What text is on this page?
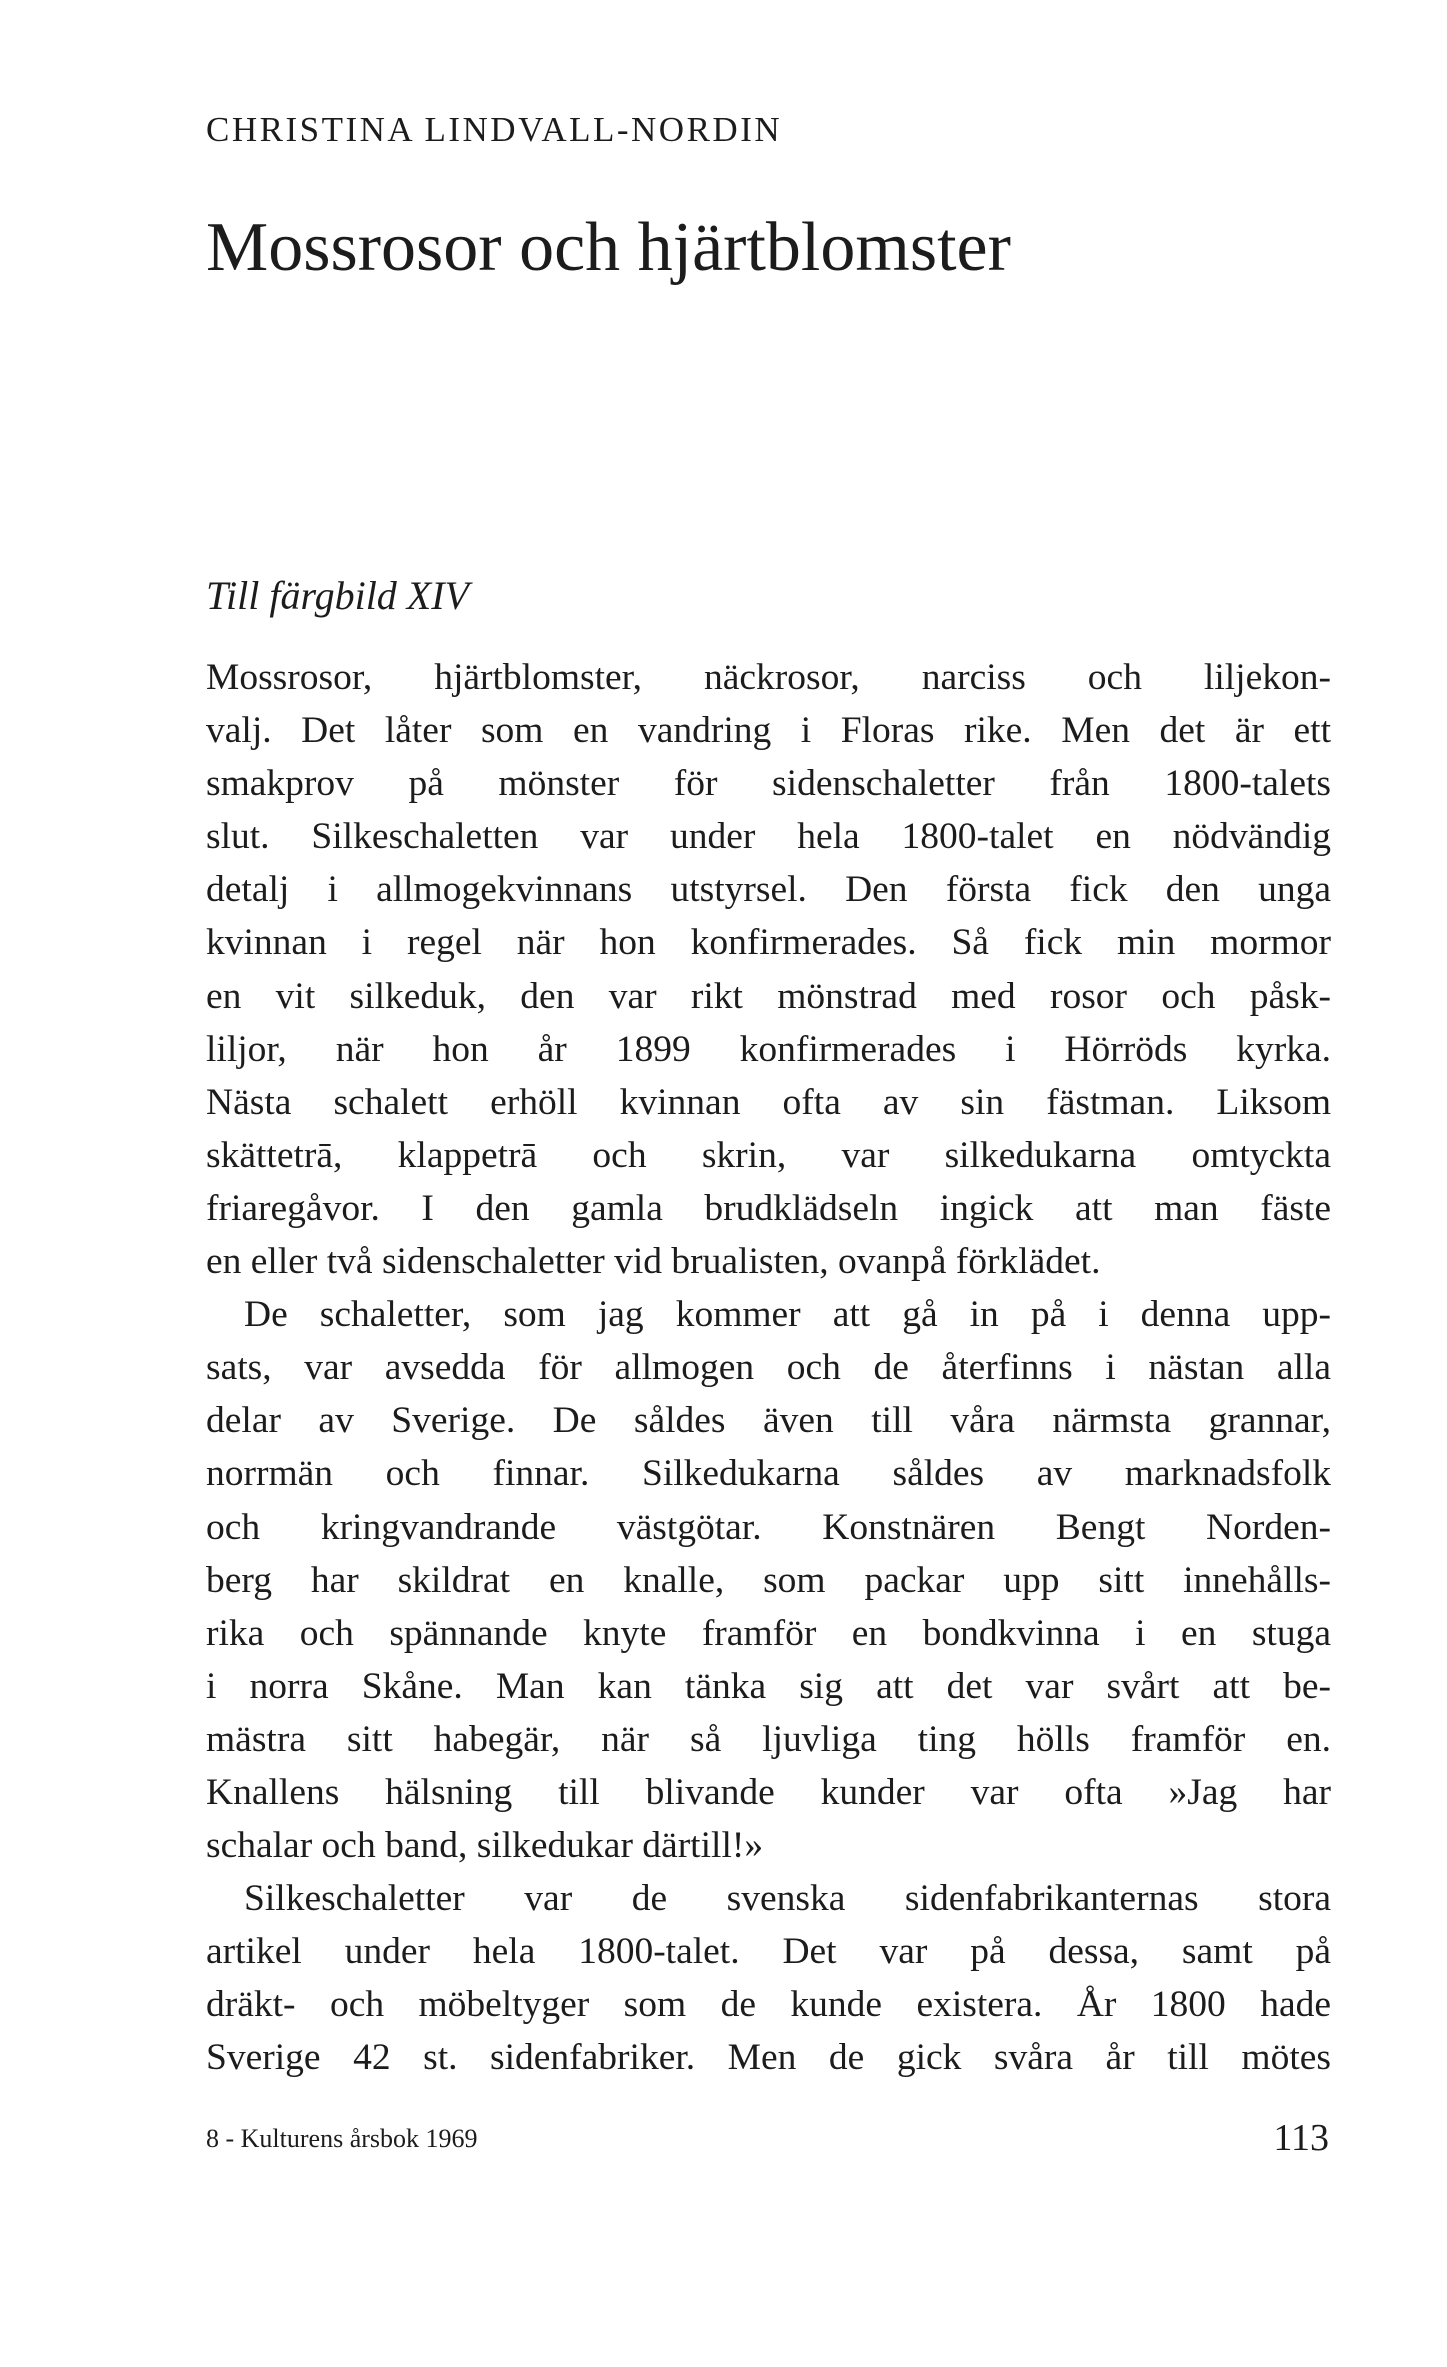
CHRISTINA LINDVALL-NORDIN
Mossrosor och hjärtblomster

Till färgbild XIV

Mossrosor, hjärtblomster, näckrosor, narciss och liljekon-
valj. Det låter som en vandring i Floras rike. Men det är ett
smakprov på mönster för sidenschaletter från 1800-talets
slut. Silkeschaletten var under hela 1800-talet en nödvändig
detalj i allmogekvinnans utstyrsel. Den första fick den unga
kvinnan i regel när hon konfirmerades. Så fick min mormor
en vit silkeduk, den var rikt mönstrad med rosor och påsk-
liljor, när hon år 1899 konfirmerades i Hörröds kyrka.
Nästa schalett erhöll kvinnan ofta av sin fästman. Liksom
skättetrā, klappetrā och skrin, var silkedukarna omtyckta
friaregåvor. I den gamla brudklädseln ingick att man fäste
en eller två sidenschaletter vid brualisten, ovanpå förklädet.
De schaletter, som jag kommer att gå in på i denna upp-
sats, var avsedda för allmogen och de återfinns i nästan alla
delar av Sverige. De såldes även till våra närmsta grannar,
norrmän och finnar. Silkedukarna såldes av marknadsfolk
och kringvandrande västgötar. Konstnären Bengt Norden-
berg har skildrat en knalle, som packar upp sitt innehålls-
rika och spännande knyte framför en bondkvinna i en stuga
i norra Skåne. Man kan tänka sig att det var svårt att be-
mästra sitt habegär, när så ljuvliga ting hölls framför en.
Knallens hälsning till blivande kunder var ofta »Jag har
schalar och band, silkedukar därtill!»
Silkeschaletter var de svenska sidenfabrikanternas stora
artikel under hela 1800-talet. Det var på dessa, samt på
dräkt- och möbeltyger som de kunde existera. År 1800 hade
Sverige 42 st. sidenfabriker. Men de gick svåra år till mötes

8 - Kulturens årsbok 1969	113
